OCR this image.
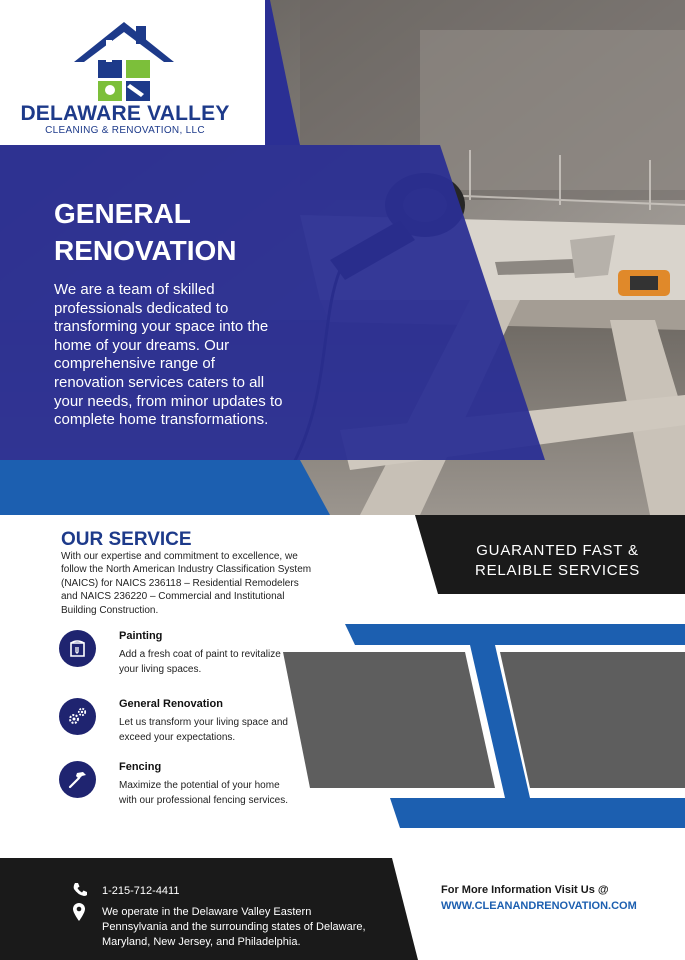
DELAWARE VALLEY
CLEANING & RENOVATION, LLC
GENERAL
RENOVATION
We are a team of skilled professionals dedicated to transforming your space into the home of your dreams. Our comprehensive range of renovation services caters to all your needs, from minor updates to complete home transformations.
GUARANTED FAST & RELAIBLE SERVICES
OUR SERVICE
With our expertise and commitment to excellence, we follow the North American Industry Classification System (NAICS) for NAICS 236118 – Residential Remodelers and NAICS 236220 – Commercial and Institutional Building Construction.
Painting
Add a fresh coat of paint to revitalize your living spaces.
General Renovation
Let us transform your living space and exceed your expectations.
Fencing
Maximize the potential of your home with our professional fencing services.
1-215-712-4411
We operate in the Delaware Valley Eastern Pennsylvania and the surrounding states of Delaware, Maryland, New Jersey, and Philadelphia.
For More Information Visit Us @
WWW.CLEANANDRENOVATION.COM
